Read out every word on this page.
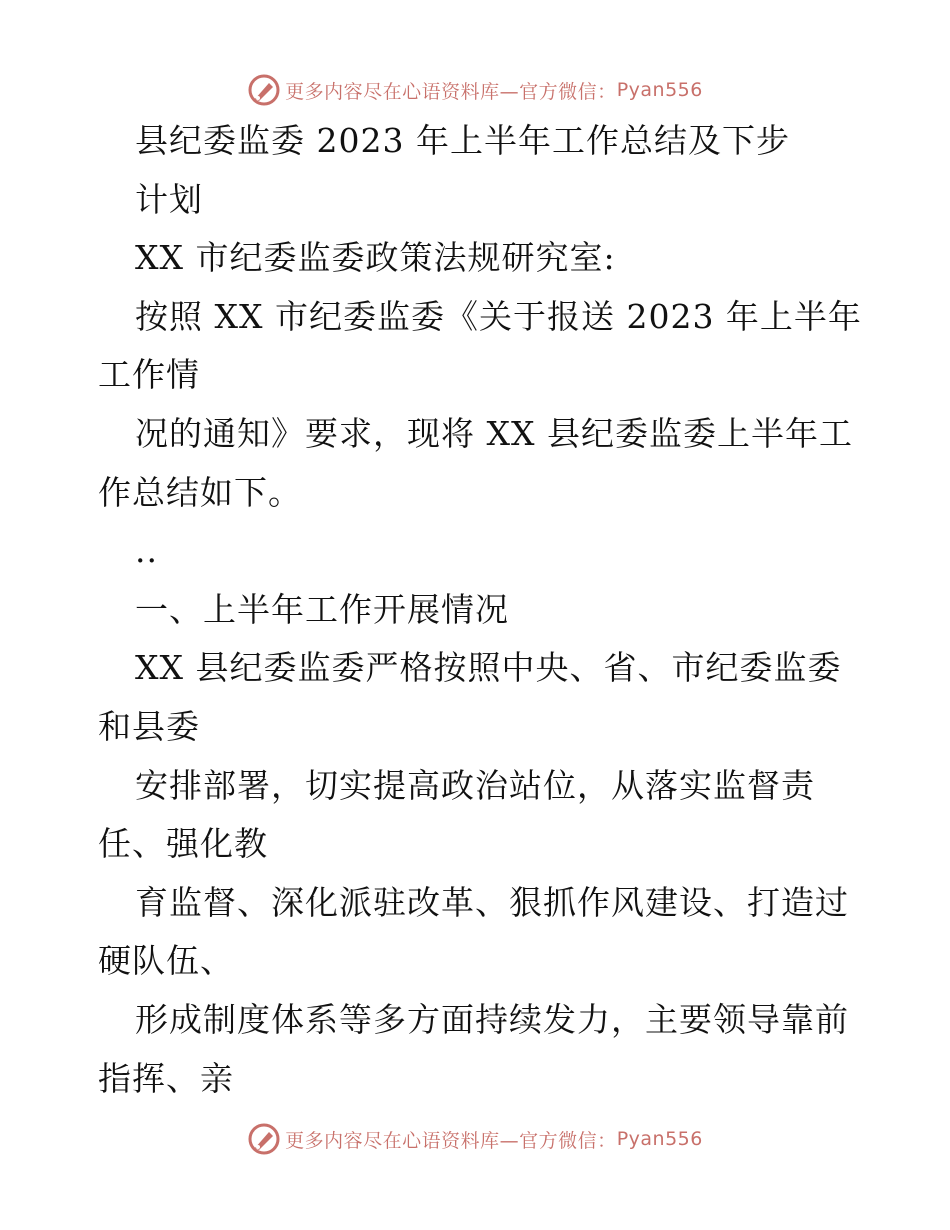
更多内容尽在心语资料库— 官方微信： Pyan556
县纪委监委 2023 年上半年工作总结及下步
计划
XX 市纪委监委政策法规研究室:
按照 XX 市纪委监委《关于报送 2023 年上半年
工作情
况的通知》要求，现将 XX 县纪委监委上半年工
作总结如下。
..
一、上半年工作开展情况
XX 县纪委监委严格按照中央、省、市纪委监委
和县委
安排部署，切实提高政治站位，从落实监督责
任、强化教
育监督、深化派驻改革、狠抓作风建设、打造过
硬队伍、
形成制度体系等多方面持续发力，主要领导靠前
指挥、亲
更多内容尽在心语资料库— 官方微信： Pyan556
